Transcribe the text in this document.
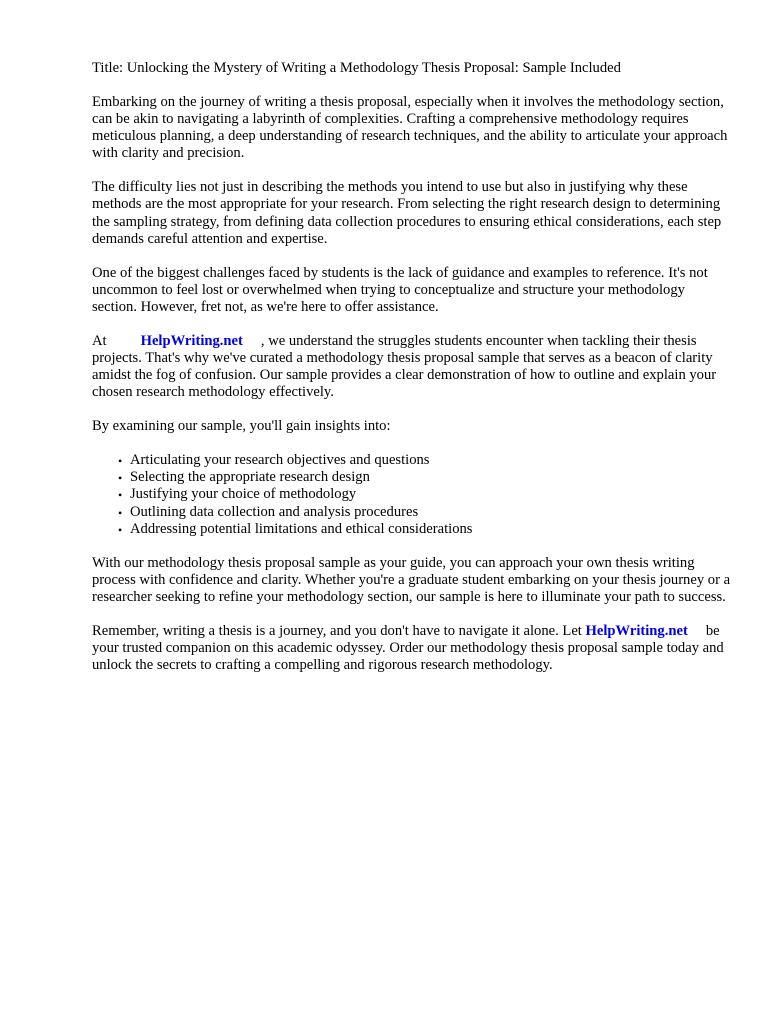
Title: Unlocking the Mystery of Writing a Methodology Thesis Proposal: Sample Included

Embarking on the journey of writing a thesis proposal, especially when it involves the methodology section, can be akin to navigating a labyrinth of complexities. Crafting a comprehensive methodology requires meticulous planning, a deep understanding of research techniques, and the ability to articulate your approach with clarity and precision.

The difficulty lies not just in describing the methods you intend to use but also in justifying why these methods are the most appropriate for your research. From selecting the right research design to determining the sampling strategy, from defining data collection procedures to ensuring ethical considerations, each step demands careful attention and expertise.

One of the biggest challenges faced by students is the lack of guidance and examples to reference. It's not uncommon to feel lost or overwhelmed when trying to conceptualize and structure your methodology section. However, fret not, as we're here to offer assistance.

At HelpWriting.net , we understand the struggles students encounter when tackling their thesis projects. That's why we've curated a methodology thesis proposal sample that serves as a beacon of clarity amidst the fog of confusion. Our sample provides a clear demonstration of how to outline and explain your chosen research methodology effectively.

By examining our sample, you'll gain insights into:

• Articulating your research objectives and questions
• Selecting the appropriate research design
• Justifying your choice of methodology
• Outlining data collection and analysis procedures
• Addressing potential limitations and ethical considerations

With our methodology thesis proposal sample as your guide, you can approach your own thesis writing process with confidence and clarity. Whether you're a graduate student embarking on your thesis journey or a researcher seeking to refine your methodology section, our sample is here to illuminate your path to success.

Remember, writing a thesis is a journey, and you don't have to navigate it alone. Let HelpWriting.net be your trusted companion on this academic odyssey. Order our methodology thesis proposal sample today and unlock the secrets to crafting a compelling and rigorous research methodology.
